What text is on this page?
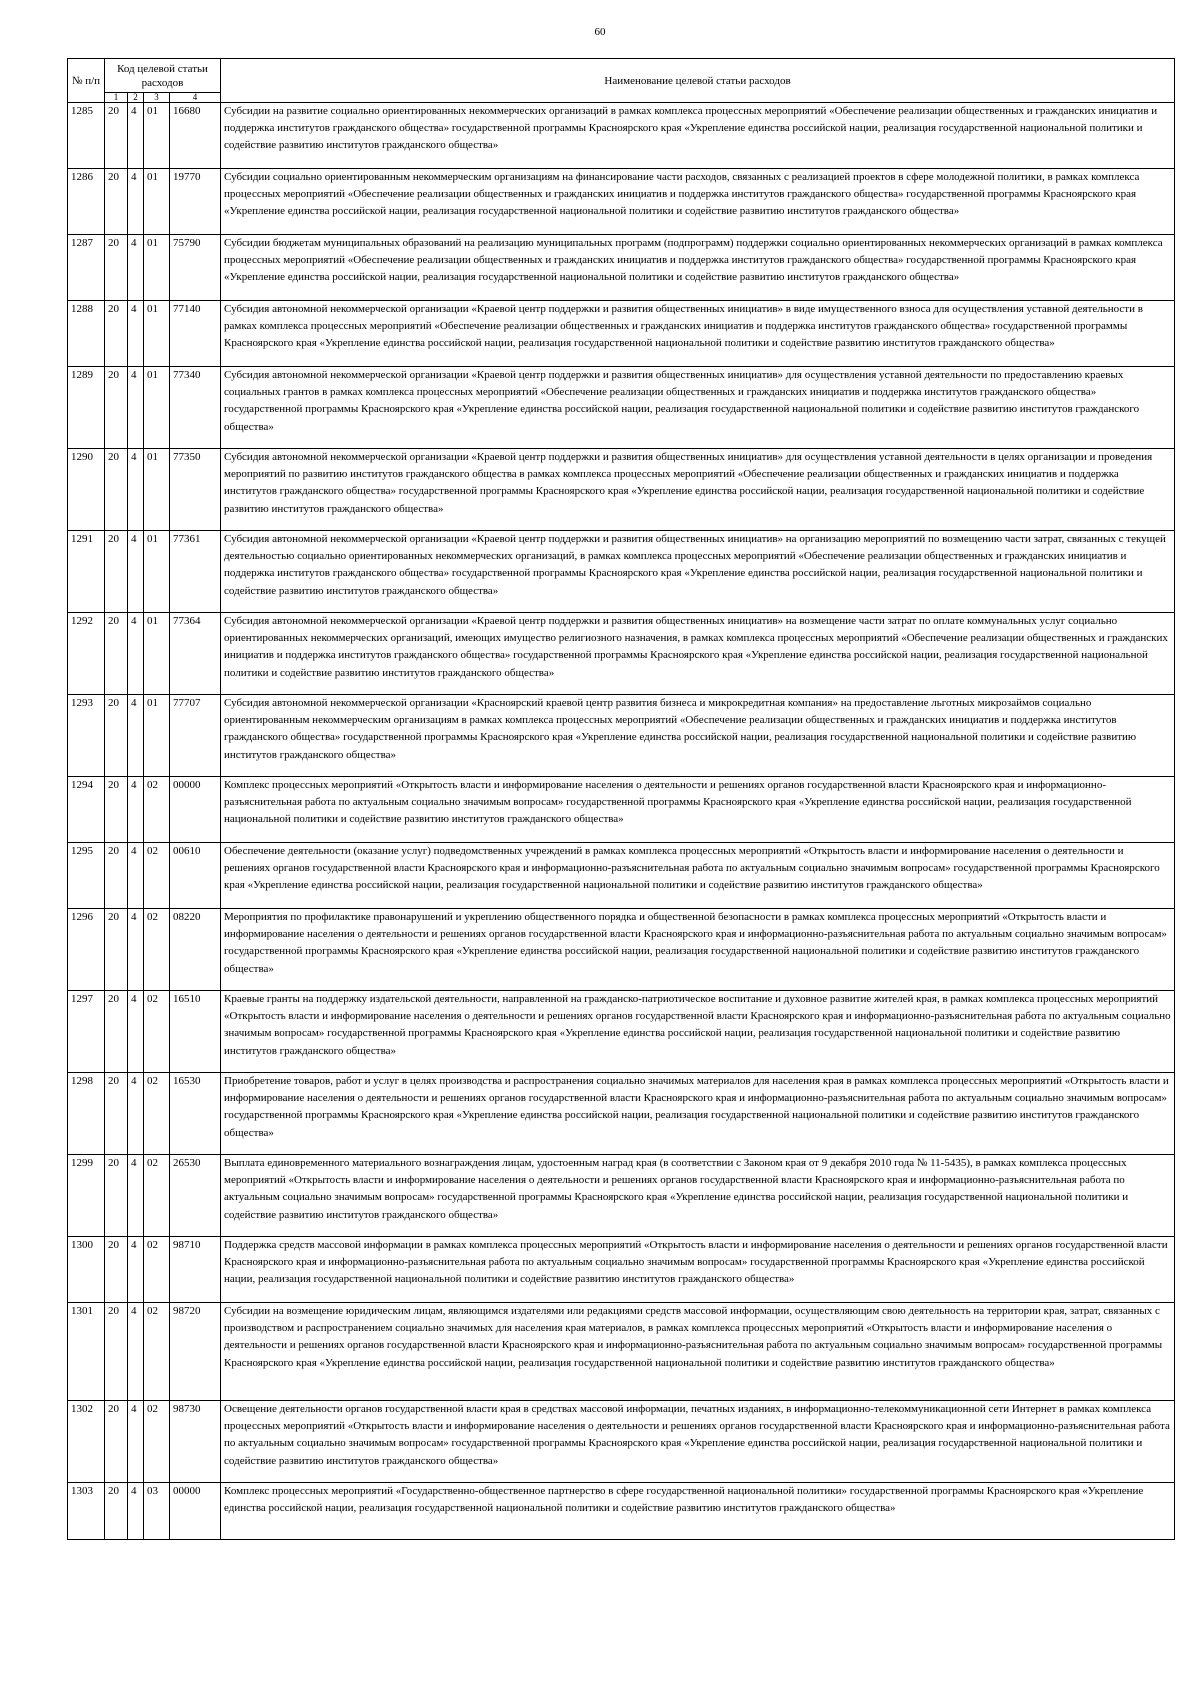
60
№ п/п	Код целевой статьи расходов				Наименование целевой статьи расходов
	1	2	3	4	
1285	20	4	01	16680	Субсидии на развитие социально ориентированных некоммерческих организаций в рамках комплекса процессных мероприятий «Обеспечение реализации общественных и гражданских инициатив и поддержка институтов гражданского общества» государственной программы Красноярского края «Укрепление единства российской нации, реализация государственной национальной политики и содействие развитию институтов гражданского общества»
1286	20	4	01	19770	Субсидии социально ориентированным некоммерческим организациям на финансирование части расходов, связанных с реализацией проектов в сфере молодежной политики, в рамках комплекса процессных мероприятий «Обеспечение реализации общественных и гражданских инициатив и поддержка институтов гражданского общества» государственной программы Красноярского края «Укрепление единства российской нации, реализация государственной национальной политики и содействие развитию институтов гражданского общества»
1287	20	4	01	75790	Субсидии бюджетам муниципальных образований на реализацию муниципальных программ (подпрограмм) поддержки социально ориентированных некоммерческих организаций в рамках комплекса процессных мероприятий «Обеспечение реализации общественных и гражданских инициатив и поддержка институтов гражданского общества» государственной программы Красноярского края «Укрепление единства российской нации, реализация государственной национальной политики и содействие развитию институтов гражданского общества»
1288	20	4	01	77140	Субсидия автономной некоммерческой организации «Краевой центр поддержки и развития общественных инициатив» в виде имущественного взноса для осуществления уставной деятельности в рамках комплекса процессных мероприятий «Обеспечение реализации общественных и гражданских инициатив и поддержка институтов гражданского общества» государственной программы Красноярского края «Укрепление единства российской нации, реализация государственной национальной политики и содействие развитию институтов гражданского общества»
1289	20	4	01	77340	Субсидия автономной некоммерческой организации «Краевой центр поддержки и развития общественных инициатив» для осуществления уставной деятельности по предоставлению краевых социальных грантов в рамках комплекса процессных мероприятий «Обеспечение реализации общественных и гражданских инициатив и поддержка институтов гражданского общества» государственной программы Красноярского края «Укрепление единства российской нации, реализация государственной национальной политики и содействие развитию институтов гражданского общества»
1290	20	4	01	77350	Субсидия автономной некоммерческой организации «Краевой центр поддержки и развития общественных инициатив» для осуществления уставной деятельности в целях организации и проведения мероприятий по развитию институтов гражданского общества в рамках комплекса процессных мероприятий «Обеспечение реализации общественных и гражданских инициатив и поддержка институтов гражданского общества» государственной программы Красноярского края «Укрепление единства российской нации, реализация государственной национальной политики и содействие развитию институтов гражданского общества»
1291	20	4	01	77361	Субсидия автономной некоммерческой организации «Краевой центр поддержки и развития общественных инициатив» на организацию мероприятий по возмещению части затрат, связанных с текущей деятельностью социально ориентированных некоммерческих организаций, в рамках комплекса процессных мероприятий «Обеспечение реализации общественных и гражданских инициатив и поддержка институтов гражданского общества» государственной программы Красноярского края «Укрепление единства российской нации, реализация государственной национальной политики и содействие развитию институтов гражданского общества»
1292	20	4	01	77364	Субсидия автономной некоммерческой организации «Краевой центр поддержки и развития общественных инициатив» на возмещение части затрат по оплате коммунальных услуг социально ориентированных некоммерческих организаций, имеющих имущество религиозного назначения, в рамках комплекса процессных мероприятий «Обеспечение реализации общественных и гражданских инициатив и поддержка институтов гражданского общества» государственной программы Красноярского края «Укрепление единства российской нации, реализация государственной национальной политики и содействие развитию институтов гражданского общества»
1293	20	4	01	77707	Субсидия автономной некоммерческой организации «Красноярский краевой центр развития бизнеса и микрокредитная компания» на предоставление льготных микрозаймов социально ориентированным некоммерческим организациям в рамках комплекса процессных мероприятий «Обеспечение реализации общественных и гражданских инициатив и поддержка институтов гражданского общества» государственной программы Красноярского края «Укрепление единства российской нации, реализация государственной национальной политики и содействие развитию институтов гражданского общества»
1294	20	4	02	00000	Комплекс процессных мероприятий «Открытость власти и информирование населения о деятельности и решениях органов государственной власти Красноярского края и информационно-разъяснительная работа по актуальным социально значимым вопросам» государственной программы Красноярского края «Укрепление единства российской нации, реализация государственной национальной политики и содействие развитию институтов гражданского общества»
1295	20	4	02	00610	Обеспечение деятельности (оказание услуг) подведомственных учреждений в рамках комплекса процессных мероприятий «Открытость власти и информирование населения о деятельности и решениях органов государственной власти Красноярского края и информационно-разъяснительная работа по актуальным социально значимым вопросам» государственной программы Красноярского края «Укрепление единства российской нации, реализация государственной национальной политики и содействие развитию институтов гражданского общества»
1296	20	4	02	08220	Мероприятия по профилактике правонарушений и укреплению общественного порядка и общественной безопасности в рамках комплекса процессных мероприятий «Открытость власти и информирование населения о деятельности и решениях органов государственной власти Красноярского края и информационно-разъяснительная работа по актуальным социально значимым вопросам» государственной программы Красноярского края «Укрепление единства российской нации, реализация государственной национальной политики и содействие развитию институтов гражданского общества»
1297	20	4	02	16510	Краевые гранты на поддержку издательской деятельности, направленной на гражданско-патриотическое воспитание и духовное развитие жителей края, в рамках комплекса процессных мероприятий «Открытость власти и информирование населения о деятельности и решениях органов государственной власти Красноярского края и информационно-разъяснительная работа по актуальным социально значимым вопросам» государственной программы Красноярского края «Укрепление единства российской нации, реализация государственной национальной политики и содействие развитию институтов гражданского общества»
1298	20	4	02	16530	Приобретение товаров, работ и услуг в целях производства и распространения социально значимых материалов для населения края в рамках комплекса процессных мероприятий «Открытость власти и информирование населения о деятельности и решениях органов государственной власти Красноярского края и информационно-разъяснительная работа по актуальным социально значимым вопросам» государственной программы Красноярского края «Укрепление единства российской нации, реализация государственной национальной политики и содействие развитию институтов гражданского общества»
1299	20	4	02	26530	Выплата единовременного материального вознаграждения лицам, удостоенным наград края (в соответствии с Законом края от 9 декабря 2010 года № 11-5435), в рамках комплекса процессных мероприятий «Открытость власти и информирование населения о деятельности и решениях органов государственной власти Красноярского края и информационно-разъяснительная работа по актуальным социально значимым вопросам» государственной программы Красноярского края «Укрепление единства российской нации, реализация государственной национальной политики и содействие развитию институтов гражданского общества»
1300	20	4	02	98710	Поддержка средств массовой информации в рамках комплекса процессных мероприятий «Открытость власти и информирование населения о деятельности и решениях органов государственной власти Красноярского края и информационно-разъяснительная работа по актуальным социально значимым вопросам» государственной программы Красноярского края «Укрепление единства российской нации, реализация государственной национальной политики и содействие развитию институтов гражданского общества»
1301	20	4	02	98720	Субсидии на возмещение юридическим лицам, являющимся издателями или редакциями средств массовой информации, осуществляющим свою деятельность на территории края, затрат, связанных с производством и распространением социально значимых для населения края материалов, в рамках комплекса процессных мероприятий «Открытость власти и информирование населения о деятельности и решениях органов государственной власти Красноярского края и информационно-разъяснительная работа по актуальным социально значимым вопросам» государственной программы Красноярского края «Укрепление единства российской нации, реализация государственной национальной политики и содействие развитию институтов гражданского общества»
1302	20	4	02	98730	Освещение деятельности органов государственной власти края в средствах массовой информации, печатных изданиях, в информационно-телекоммуникационной сети Интернет в рамках комплекса процессных мероприятий «Открытость власти и информирование населения о деятельности и решениях органов государственной власти Красноярского края и информационно-разъяснительная работа по актуальным социально значимым вопросам» государственной программы Красноярского края «Укрепление единства российской нации, реализация государственной национальной политики и содействие развитию институтов гражданского общества»
1303	20	4	03	00000	Комплекс процессных мероприятий «Государственно-общественное партнерство в сфере государственной национальной политики» государственной программы Красноярского края «Укрепление единства российской нации, реализация государственной национальной политики и содействие развитию институтов гражданского общества»
